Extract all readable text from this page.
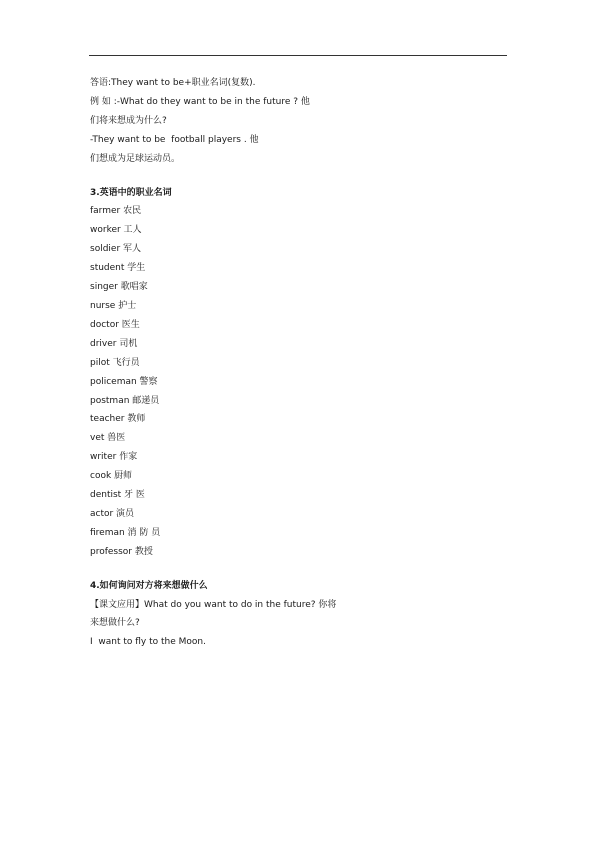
答语:They want to be+职业名词(复数).

例 如 :-What do they want to be in the future ? 他

们将来想成为什么?

-They want to be  football players . 他

们想成为足球运动员。

3.英语中的职业名词

farmer 农民

worker 工人

soldier 军人

student 学生

singer 歌唱家

nurse 护士

doctor 医生

driver 司机

pilot 飞行员

policeman 警察

postman 邮递员

teacher 教师

vet 兽医

writer 作家

cook 厨师

dentist 牙 医

actor 演员

fireman 消 防 员

professor 教授

4.如何询问对方将来想做什么

【课文应用】What do you want to do in the future? 你将

来想做什么?

I  want to fly to the Moon.
